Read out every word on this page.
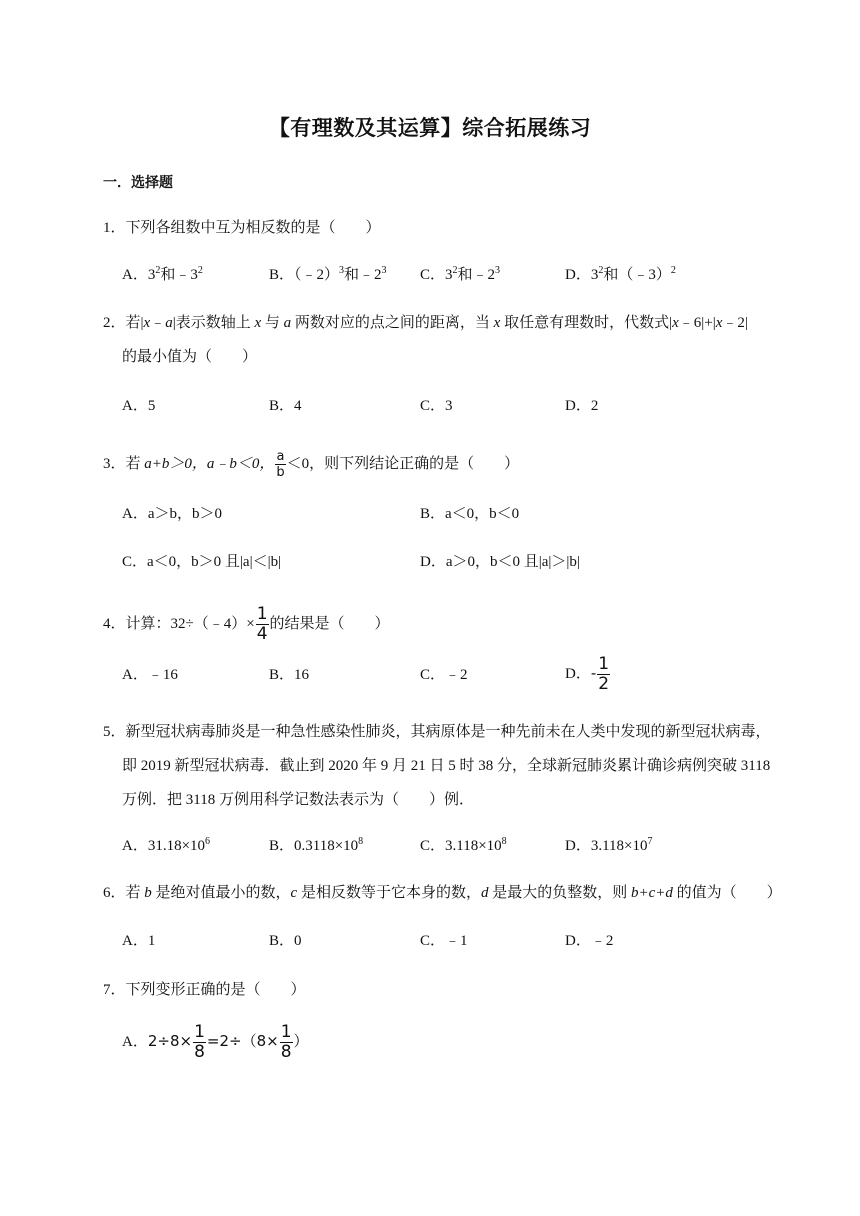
【有理数及其运算】综合拓展练习
一．选择题
1．下列各组数中互为相反数的是（　　）
A．$3^2$和$﹣3^2$	B．（﹣2）$^3$和$﹣2^3$ C．$3^2$和$﹣2^3$	D．$3^2$和（﹣3）$^2$
2．若|x﹣a|表示数轴上 x 与 a 两数对应的点之间的距离，当 x 取任意有理数时，代数式|x﹣6|+|x﹣2|
的最小值为（　　）
A．5	B．4	C．3	D．2
3．若 a+b＞0，a﹣b＜0， $\frac{a}{b} <0$，则下列结论正确的是（　　）
A．a＞b，b＞0	B．a＜0，b＜0
C．a＜0，b＞0 且|a|＜|b|	D．a＞0，b＜0 且|a|＞|b|
4．计算：32÷（﹣4）× $\frac{1}{4}$ 的结果是（　　）
A．﹣16	B．16	C．﹣2	D．- $\frac{1}{2}$
5．新型冠状病毒肺炎是一种急性感染性肺炎，其病原体是一种先前未在人类中发现的新型冠状病毒，
即 2019 新型冠状病毒．截止到 2020 年 9 月 21 日 5 时 38 分，全球新冠肺炎累计确诊病例突破 3118
万例．把 3118 万例用科学记数法表示为（　　）例．
A．$31.18\times 10^6$	B．$0.3118\times 10^8$	C．$3.118\times 10^8$	D．$3.118\times 10^7$
6．若 b 是绝对值最小的数，c 是相反数等于它本身的数，d 是最大的负整数，则 b+c+d 的值为（　　）
A．1	B．0	C．﹣1	D．﹣2
7．下列变形正确的是（　　）
A．$2\div 8\times \frac{1}{8} =2\div(8\times \frac{1}{8}$ ）
